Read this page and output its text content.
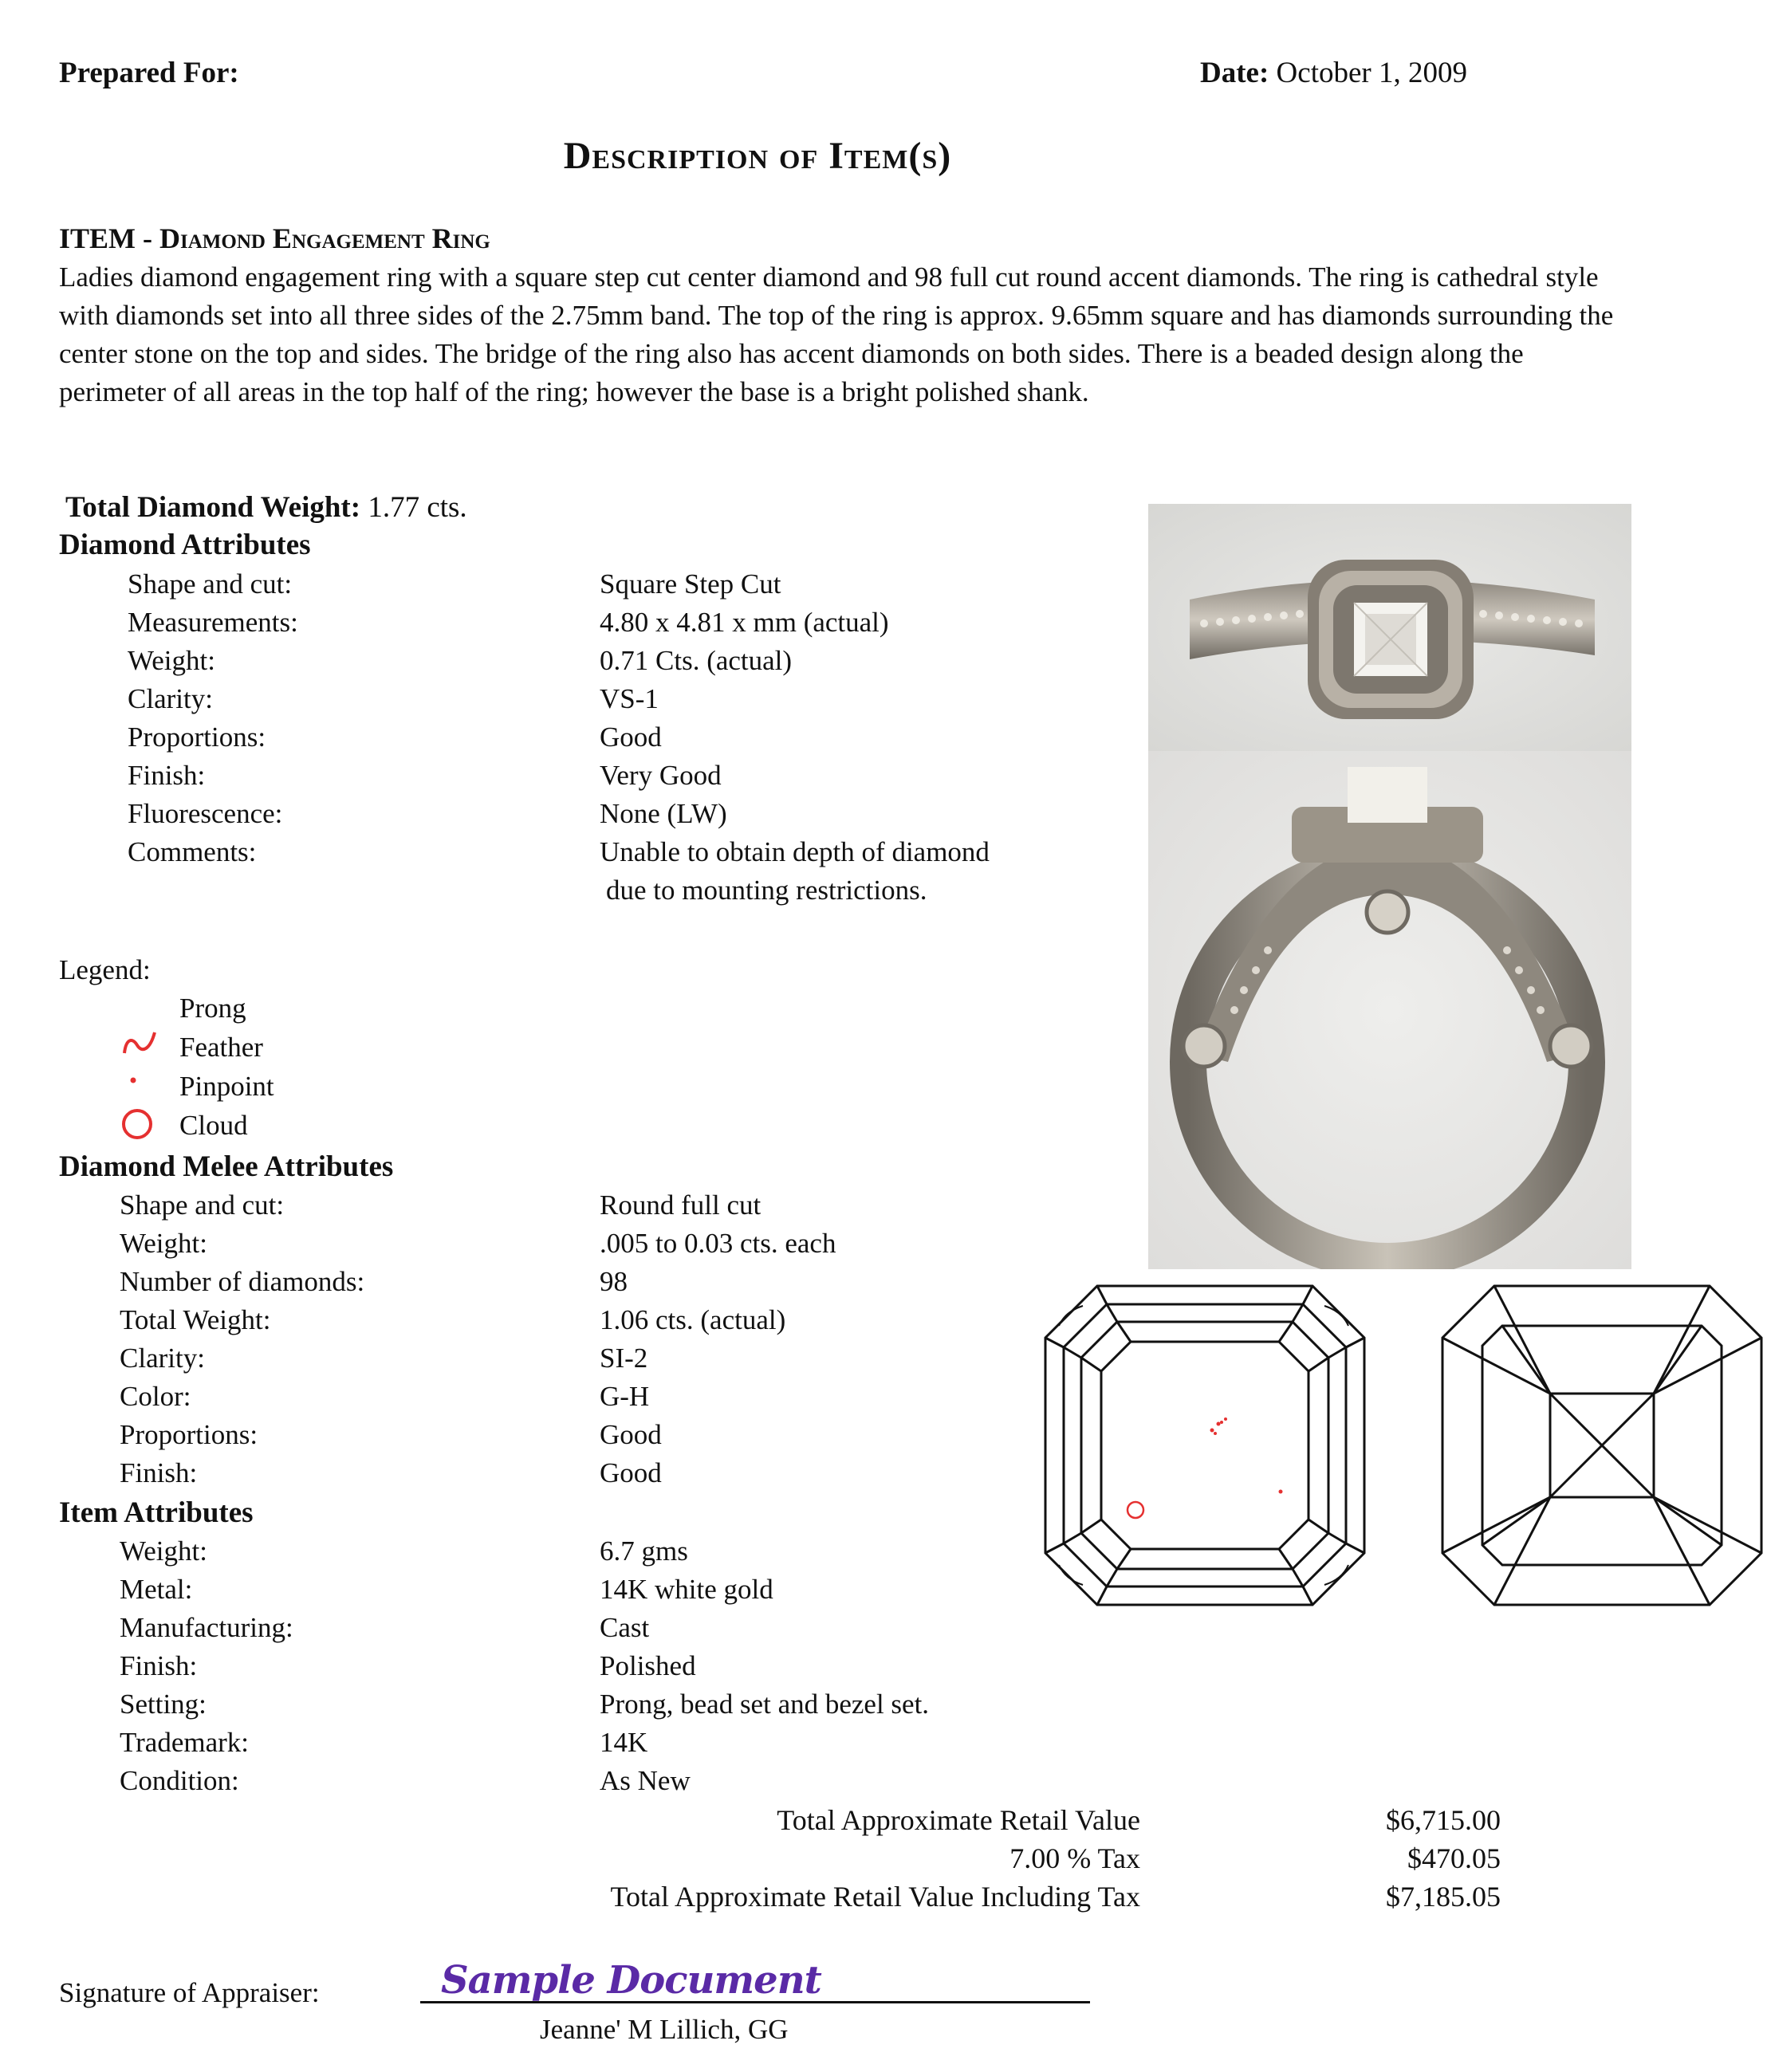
Prepared For:	Date: October 1, 2009
Description of Item(s)
ITEM - Diamond Engagement Ring
Ladies diamond engagement ring with a square step cut center diamond and 98 full cut round accent diamonds. The ring is cathedral style with diamonds set into all three sides of the 2.75mm band. The top of the ring is approx. 9.65mm square and has diamonds surrounding the center stone on the top and sides. The bridge of the ring also has accent diamonds on both sides. There is a beaded design along the perimeter of all areas in the top half of the ring; however the base is a bright polished shank.
Total Diamond Weight: 1.77 cts.
Diamond Attributes
Shape and cut:	Square Step Cut
Measurements:	4.80 x 4.81 x mm (actual)
Weight:	0.71 Cts. (actual)
Clarity:	VS-1
Proportions:	Good
Finish:	Very Good
Fluorescence:	None (LW)
Comments:	Unable to obtain depth of diamond
due to mounting restrictions.
Legend:
Prong
Feather
Pinpoint
Cloud
Diamond Melee Attributes
Shape and cut:	Round full cut
Weight:	.005 to 0.03 cts. each
Number of diamonds:	98
Total Weight:	1.06 cts. (actual)
Clarity:	SI-2
Color:	G-H
Proportions:	Good
Finish:	Good
Item Attributes
Weight:	6.7 gms
Metal:	14K white gold
Manufacturing:	Cast
Finish:	Polished
Setting:	Prong, bead set and bezel set.
Trademark:	14K
Condition:	As New
Total Approximate Retail Value	$6,715.00
7.00 % Tax	$470.05
Total Approximate Retail Value Including Tax	$7,185.05
Signature of Appraiser:	Sample Document
Jeanne' M Lillich, GG
